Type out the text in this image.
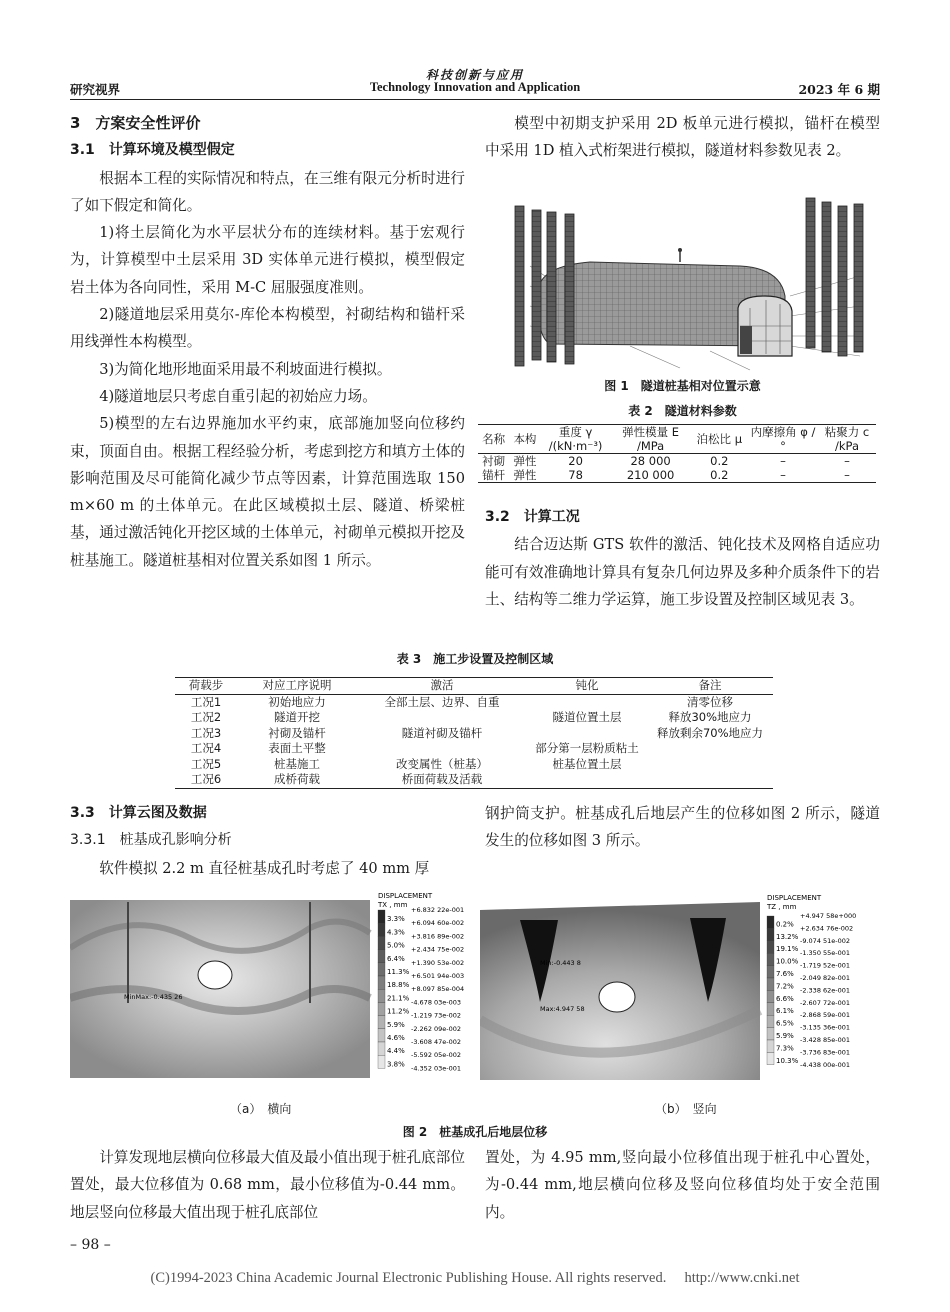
科技创新与应用
研究视界	Technology Innovation and Application	2023 年 6 期
3　方案安全性评价
3.1　计算环境及模型假定
根据本工程的实际情况和特点，在三维有限元分析时进行了如下假定和简化。
1)将土层简化为水平层状分布的连续材料。基于宏观行为，计算模型中土层采用 3D 实体单元进行模拟，模型假定岩土体为各向同性，采用 M-C 屈服强度准则。
2)隧道地层采用莫尔-库伦本构模型，衬砌结构和锚杆采用线弹性本构模型。
3)为简化地形地面采用最不利坡面进行模拟。
4)隧道地层只考虑自重引起的初始应力场。
5)模型的左右边界施加水平约束，底部施加竖向位移约束，顶面自由。根据工程经验分析，考虑到挖方和填方土体的影响范围及尽可能简化减少节点等因素，计算范围选取 150 m×60 m 的土体单元。在此区域模拟土层、隧道、桥梁桩基，通过激活钝化开挖区域的土体单元，衬砌单元模拟开挖及桩基施工。隧道桩基相对位置关系如图 1 所示。
模型中初期支护采用 2D 板单元进行模拟，锚杆在模型中采用 1D 植入式桁架进行模拟，隧道材料参数见表 2。
图 1　隧道桩基相对位置示意
表 2　隧道材料参数
名称	本构	重度 γ /(kN·m⁻³)	弹性模量 E /MPa	泊松比 μ	内摩擦角 φ /°	粘聚力 c /kPa
衬砌	弹性	20	28 000	0.2	–	–
锚杆	弹性	78	210 000	0.2	–	–
3.2　计算工况
结合迈达斯 GTS 软件的激活、钝化技术及网格自适应功能可有效准确地计算具有复杂几何边界及多种介质条件下的岩土、结构等二维力学运算，施工步设置及控制区域见表 3。
表 3　施工步设置及控制区域
荷载步	对应工序说明	激活	钝化	备注
工况1	初始地应力	全部土层、边界、自重		清零位移
工况2	隧道开挖		隧道位置土层	释放30%地应力
工况3	衬砌及锚杆	隧道衬砌及锚杆		释放剩余70%地应力
工况4	表面土平整		部分第一层粉质粘土	
工况5	桩基施工	改变属性（桩基）	桩基位置土层	
工况6	成桥荷载	桥面荷载及活载		
3.3　计算云图及数据
3.3.1　桩基成孔影响分析
软件模拟 2.2 m 直径桩基成孔时考虑了 40 mm 厚
钢护筒支护。桩基成孔后地层产生的位移如图 2 所示，隧道发生的位移如图 3 所示。
MinMax:-0.435 26
DISPLACEMENT
TX , mm
3.3%
4.3%
5.0%
6.4%
11.3%
18.8%
21.1%
11.2%
5.9%
4.6%
4.4%
3.8%
+6.832 22e-001
+6.094 60e-002
+3.816 89e-002
+2.434 75e-002
+1.390 53e-002
+6.501 94e-003
+8.097 85e-004
-4.678 03e-003
-1.219 73e-002
-2.262 09e-002
-3.608 47e-002
-5.592 05e-002
-4.352 03e-001
（a）　横向
Min:-0.443 8
Max:4.947 58
DISPLACEMENT
TZ , mm
0.2%
13.2%
19.1%
10.0%
7.6%
7.2%
6.6%
6.1%
6.5%
5.9%
7.3%
10.3%
+4.947 58e+000
+2.634 76e-002
-9.074 51e-002
-1.350 55e-001
-1.719 52e-001
-2.049 82e-001
-2.338 62e-001
-2.607 72e-001
-2.868 59e-001
-3.135 36e-001
-3.428 85e-001
-3.736 83e-001
-4.438 00e-001
（b）　竖向
图 2　桩基成孔后地层位移
计算发现地层横向位移最大值及最小值出现于桩孔底部位置处，最大位移值为 0.68 mm，最小位移值为-0.44 mm。地层竖向位移最大值出现于桩孔底部位
置处，为 4.95 mm,竖向最小位移值出现于桩孔中心置处，为-0.44 mm,地层横向位移及竖向位移值均处于安全范围内。
– 98 –
(C)1994-2023 China Academic Journal Electronic Publishing House. All rights reserved.　 http://www.cnki.net
